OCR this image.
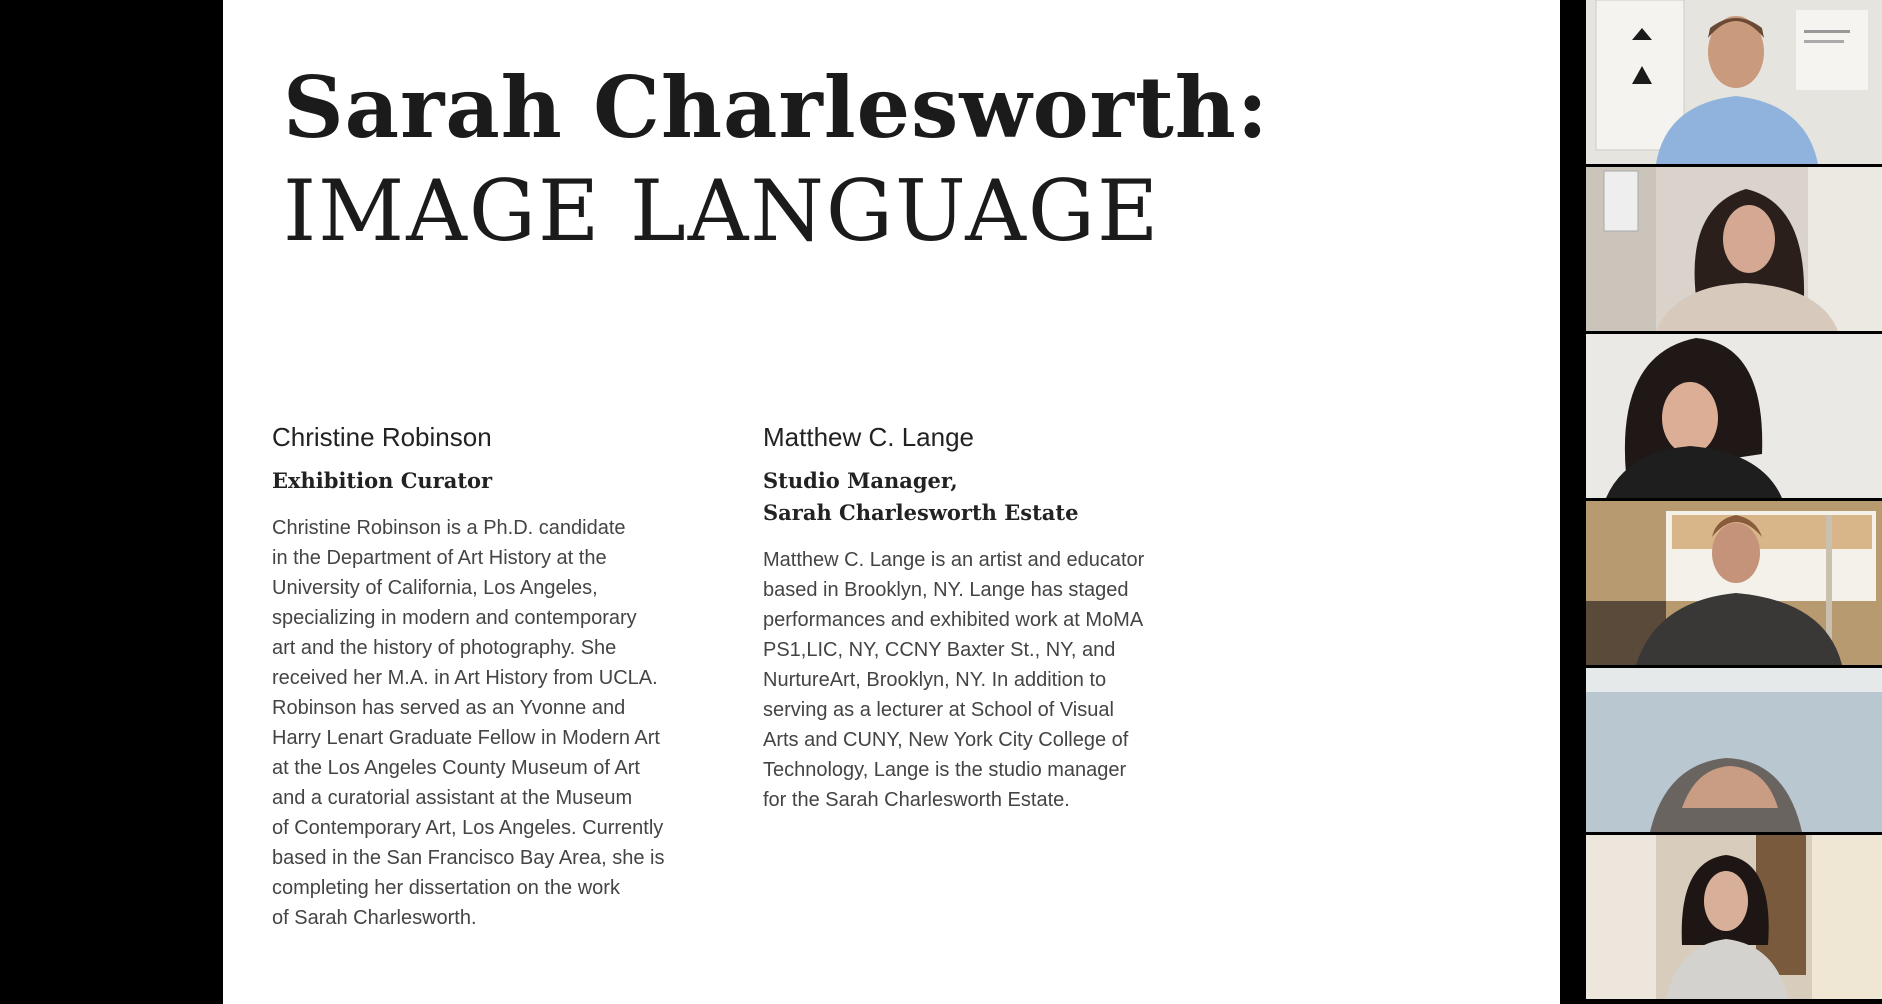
Sarah Charlesworth:
IMAGE LANGUAGE
Christine Robinson
Exhibition Curator
Christine Robinson is a Ph.D. candidate
in the Department of Art History at the
University of California, Los Angeles,
specializing in modern and contemporary
art and the history of photography. She
received her M.A. in Art History from UCLA.
Robinson has served as an Yvonne and
Harry Lenart Graduate Fellow in Modern Art
at the Los Angeles County Museum of Art
and a curatorial assistant at the Museum
of Contemporary Art, Los Angeles. Currently
based in the San Francisco Bay Area, she is
completing her dissertation on the work
of Sarah Charlesworth.
Matthew C. Lange
Studio Manager,
Sarah Charlesworth Estate
Matthew C. Lange is an artist and educator
based in Brooklyn, NY. Lange has staged
performances and exhibited work at MoMA
PS1,LIC, NY, CCNY Baxter St., NY, and
NurtureArt, Brooklyn, NY. In addition to
serving as a lecturer at School of Visual
Arts and CUNY, New York City College of
Technology, Lange is the studio manager
for the Sarah Charlesworth Estate.
